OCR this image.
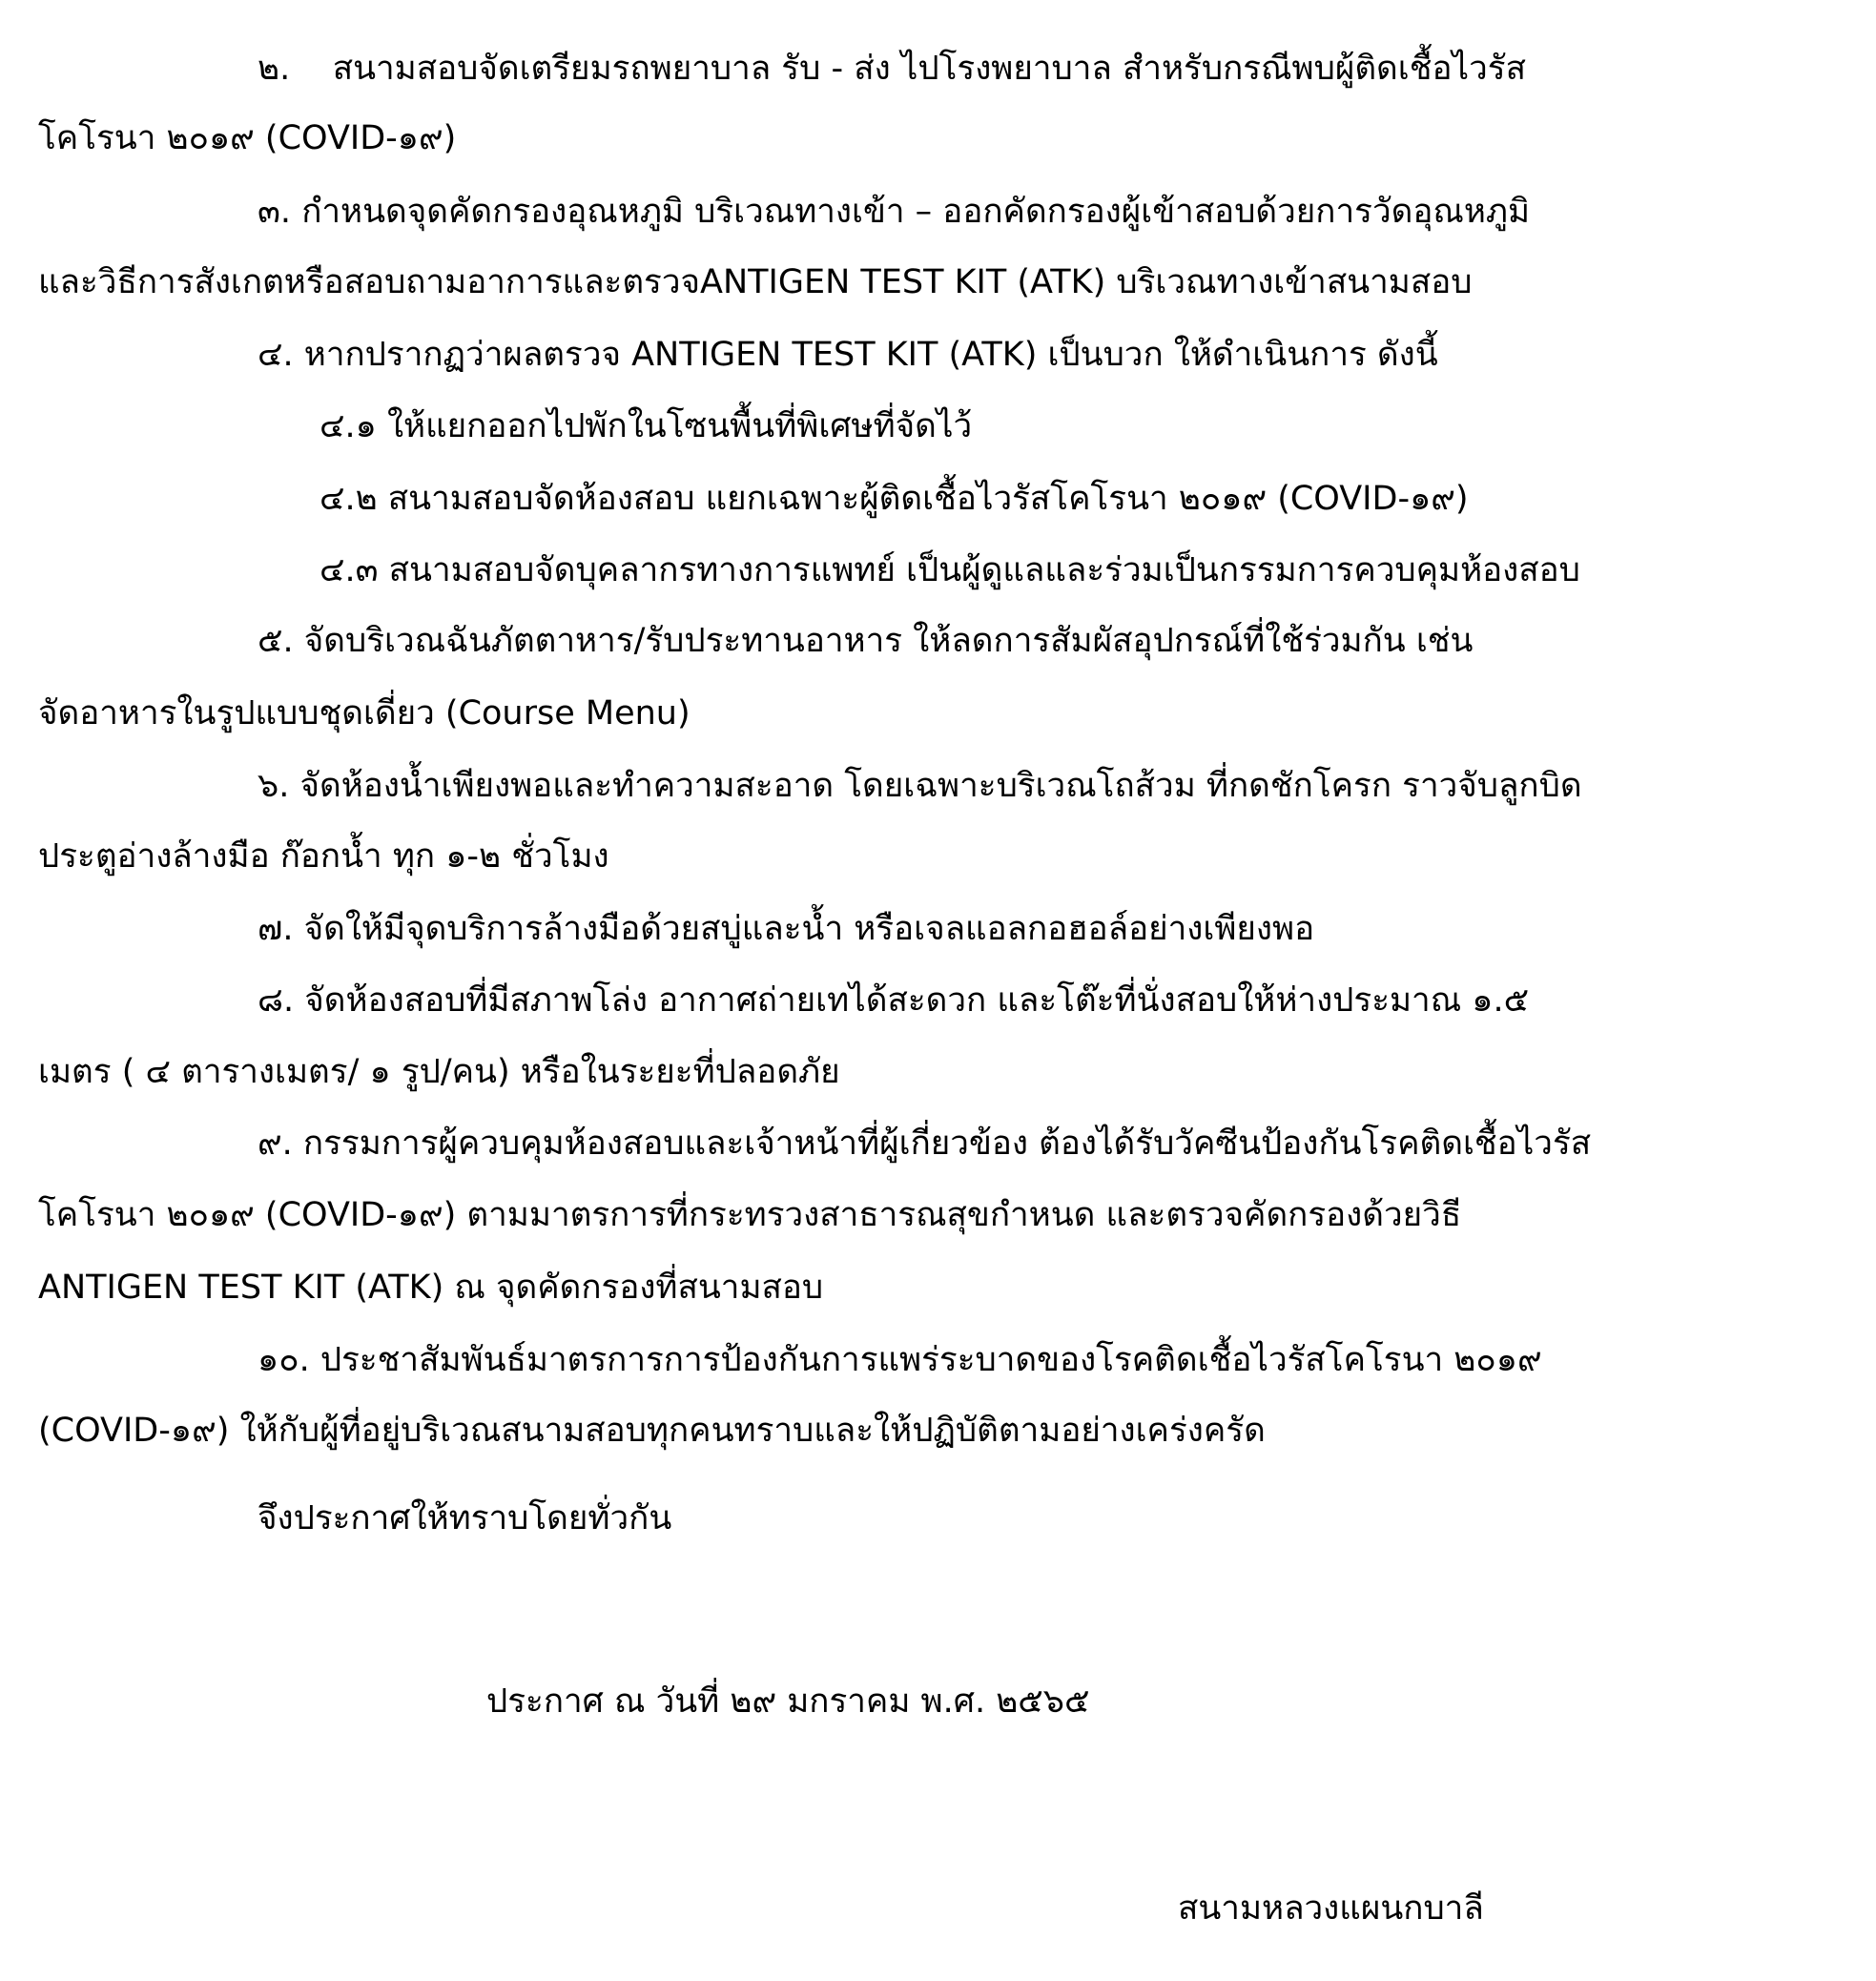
๒. สนามสอบจัดเตรียมรถพยาบาล รับ - ส่ง ไปโรงพยาบาล สำหรับกรณีพบผู้ติดเชื้อไวรัส
โคโรนา ๒๐๑๙ (COVID-๑๙)
๓. กำหนดจุดคัดกรองอุณหภูมิ บริเวณทางเข้า – ออกคัดกรองผู้เข้าสอบด้วยการวัดอุณหภูมิ
และวิธีการสังเกตหรือสอบถามอาการและตรวจANTIGEN TEST KIT (ATK) บริเวณทางเข้าสนามสอบ
๔. หากปรากฏว่าผลตรวจ ANTIGEN TEST KIT (ATK) เป็นบวก ให้ดำเนินการ ดังนี้
๔.๑ ให้แยกออกไปพักในโซนพื้นที่พิเศษที่จัดไว้
๔.๒ สนามสอบจัดห้องสอบ แยกเฉพาะผู้ติดเชื้อไวรัสโคโรนา ๒๐๑๙ (COVID-๑๙)
๔.๓ สนามสอบจัดบุคลากรทางการแพทย์ เป็นผู้ดูแลและร่วมเป็นกรรมการควบคุมห้องสอบ
๕. จัดบริเวณฉันภัตตาหาร/รับประทานอาหาร ให้ลดการสัมผัสอุปกรณ์ที่ใช้ร่วมกัน เช่น
จัดอาหารในรูปแบบชุดเดี่ยว (Course Menu)
๖. จัดห้องน้ำเพียงพอและทำความสะอาด โดยเฉพาะบริเวณโถส้วม ที่กดชักโครก ราวจับลูกบิด
ประตูอ่างล้างมือ ก๊อกน้ำ ทุก ๑-๒ ชั่วโมง
๗. จัดให้มีจุดบริการล้างมือด้วยสบู่และน้ำ หรือเจลแอลกอฮอล์อย่างเพียงพอ
๘. จัดห้องสอบที่มีสภาพโล่ง อากาศถ่ายเทได้สะดวก และโต๊ะที่นั่งสอบให้ห่างประมาณ ๑.๕
เมตร ( ๔ ตารางเมตร/ ๑ รูป/คน) หรือในระยะที่ปลอดภัย
๙. กรรมการผู้ควบคุมห้องสอบและเจ้าหน้าที่ผู้เกี่ยวข้อง ต้องได้รับวัคซีนป้องกันโรคติดเชื้อไวรัส
โคโรนา ๒๐๑๙ (COVID-๑๙) ตามมาตรการที่กระทรวงสาธารณสุขกำหนด และตรวจคัดกรองด้วยวิธี
ANTIGEN TEST KIT (ATK) ณ จุดคัดกรองที่สนามสอบ
๑๐. ประชาสัมพันธ์มาตรการการป้องกันการแพร่ระบาดของโรคติดเชื้อไวรัสโคโรนา ๒๐๑๙
(COVID-๑๙) ให้กับผู้ที่อยู่บริเวณสนามสอบทุกคนทราบและให้ปฏิบัติตามอย่างเคร่งครัด
จึงประกาศให้ทราบโดยทั่วกัน
ประกาศ ณ วันที่ ๒๙ มกราคม พ.ศ. ๒๕๖๕
สนามหลวงแผนกบาลี
